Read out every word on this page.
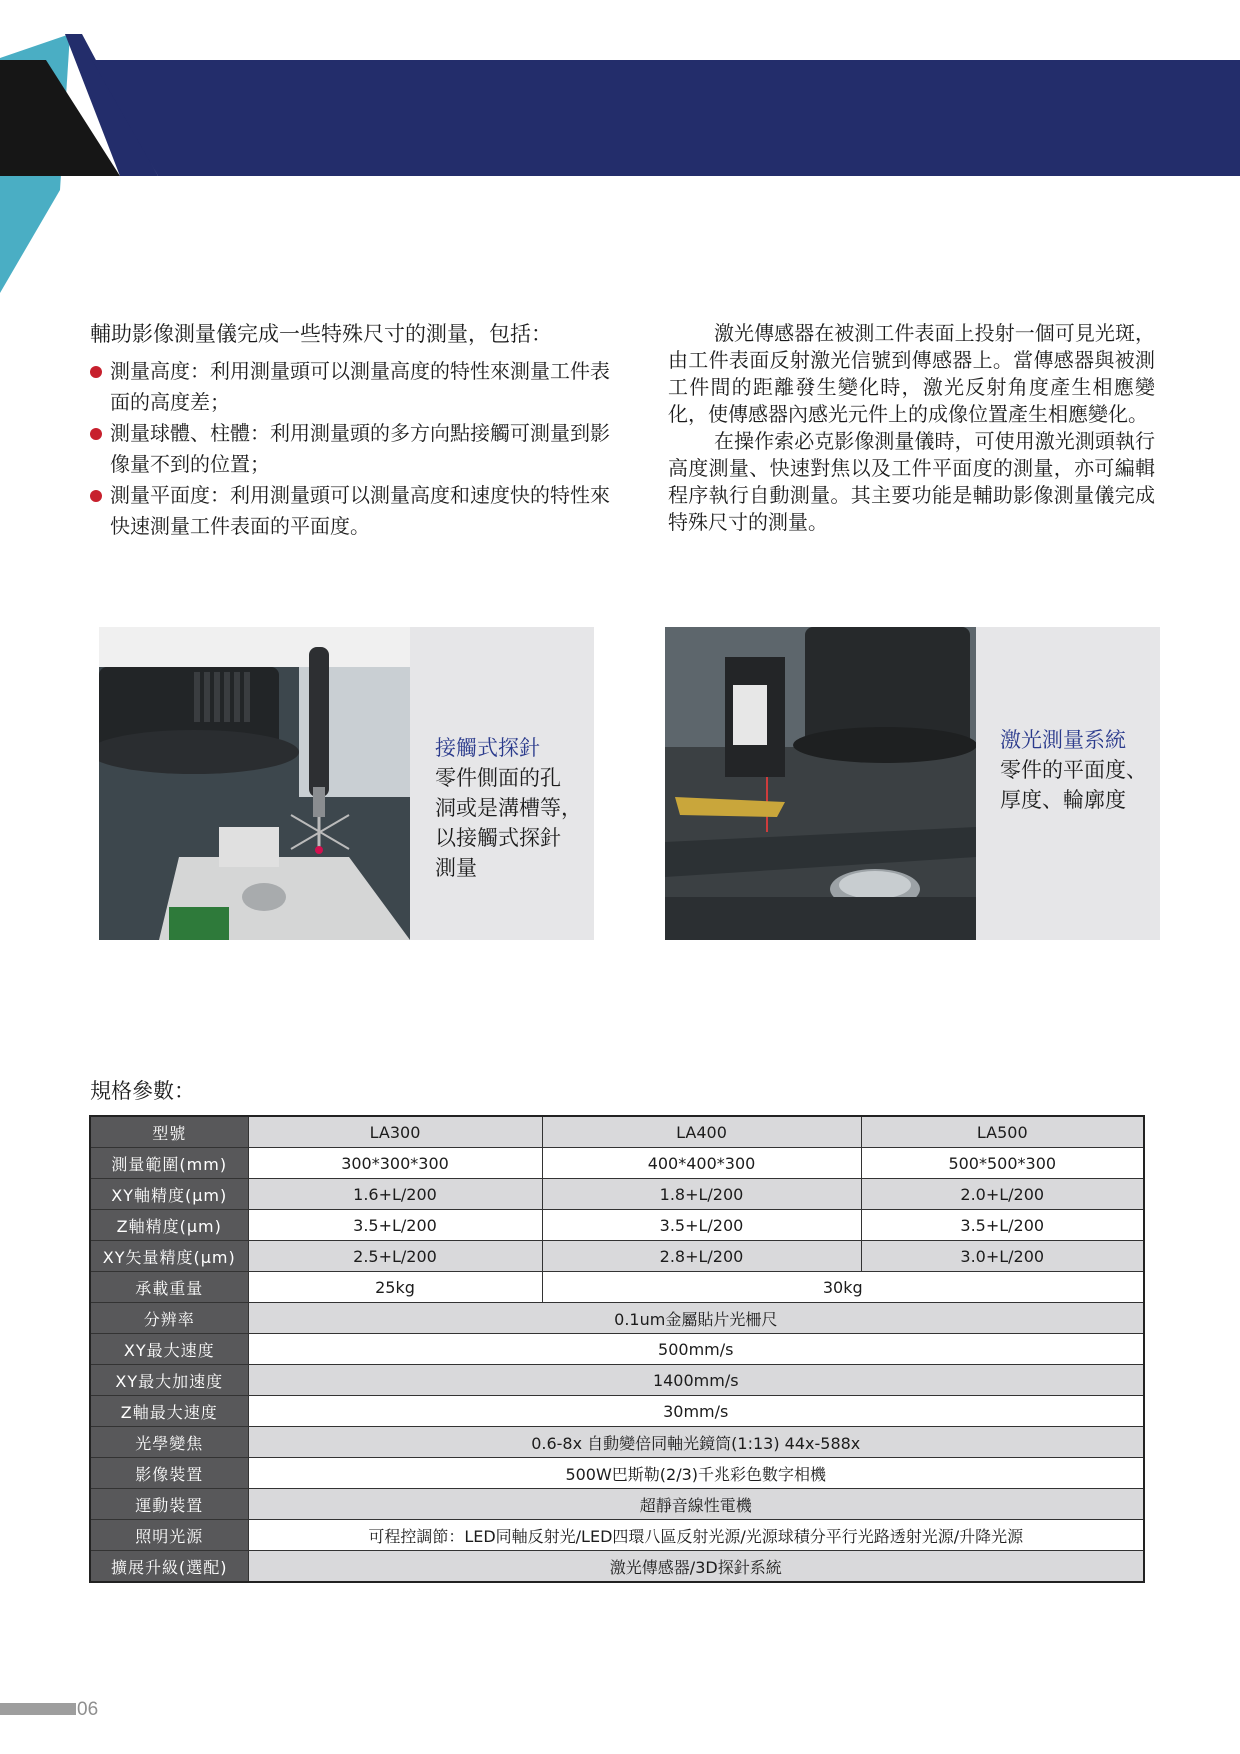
輔助影像測量儀完成一些特殊尺寸的測量，包括：

測量高度：利用測量頭可以測量高度的特性來測量工件表面的高度差；
測量球體、柱體：利用測量頭的多方向點接觸可測量到影像量不到的位置；
測量平面度：利用測量頭可以測量高度和速度快的特性來快速測量工件表面的平面度。

激光傳感器在被測工件表面上投射一個可見光斑，由工件表面反射激光信號到傳感器上。當傳感器與被測工件間的距離發生變化時，激光反射角度產生相應變化，使傳感器內感光元件上的成像位置產生相應變化。

在操作索必克影像測量儀時，可使用激光測頭執行高度測量、快速對焦以及工件平面度的測量，亦可編輯程序執行自動測量。其主要功能是輔助影像測量儀完成特殊尺寸的測量。

接觸式探針
零件側面的孔
洞或是溝槽等，
以接觸式探針
測量
激光測量系統
零件的平面度、
厚度、輪廓度
規格參數：
型號	LA300	LA400	LA500
測量範圍(mm)	300*300*300	400*400*300	500*500*300
XY軸精度(μm)	1.6+L/200	1.8+L/200	2.0+L/200
Z軸精度(μm)	3.5+L/200	3.5+L/200	3.5+L/200
XY矢量精度(μm)	2.5+L/200	2.8+L/200	3.0+L/200
承載重量	25kg	30kg	
分辨率	0.1um金屬貼片光柵尺		
XY最大速度	500mm/s		
XY最大加速度	1400mm/s		
Z軸最大速度	30mm/s		
光學變焦	0.6-8x 自動變倍同軸光鏡筒(1:13) 44x-588x		
影像裝置	500W巴斯勒(2/3)千兆彩色數字相機		
運動裝置	超靜音線性電機		
照明光源	可程控調節：LED同軸反射光/LED四環八區反射光源/光源球積分平行光路透射光源/升降光源		
擴展升級(選配)	激光傳感器/3D探針系統		
06
